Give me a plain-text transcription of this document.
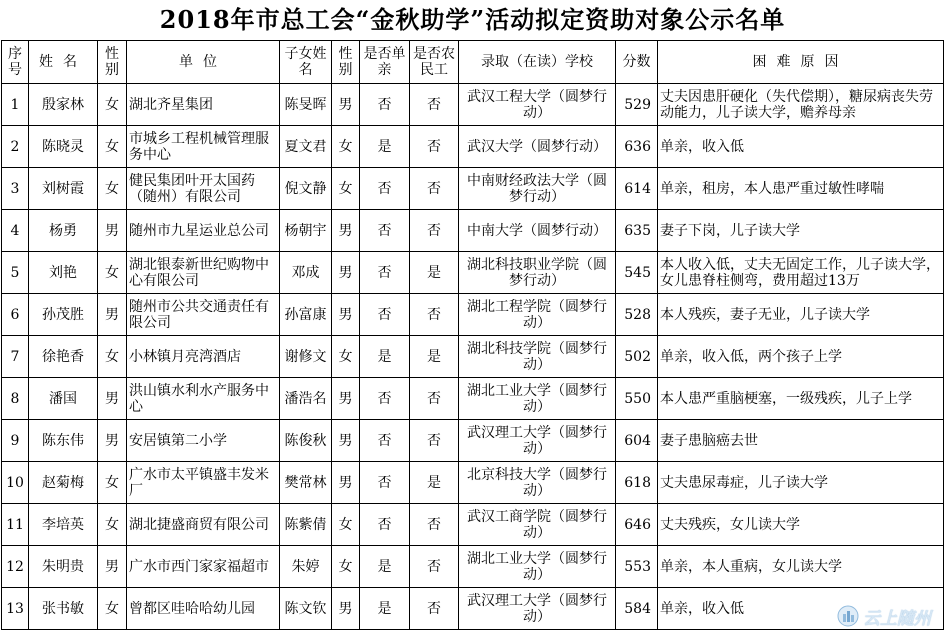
2018年市总工会“金秋助学”活动拟定资助对象公示名单
序号	姓名	性别	单位	子女姓名	性别	是否单亲	是否农民工	录取（在读）学校	分数	困难原因
1	殷家林	女	湖北齐星集团	陈旻晖	男	否	否	武汉工程大学（圆梦行动）	529	丈夫因患肝硬化（失代偿期），糖尿病丧失劳动能力，儿子读大学，赡养母亲
2	陈晓灵	女	市城乡工程机械管理服务中心	夏文君	女	是	否	武汉大学（圆梦行动）	636	单亲，收入低
3	刘树霞	女	健民集团叶开太国药（随州）有限公司	倪文静	女	否	否	中南财经政法大学（圆梦行动）	614	单亲，租房，本人患严重过敏性哮喘
4	杨勇	男	随州市九星运业总公司	杨朝宇	男	否	否	中南大学（圆梦行动）	635	妻子下岗，儿子读大学
5	刘艳	女	湖北银泰新世纪购物中心有限公司	邓成	男	否	是	湖北科技职业学院（圆梦行动）	545	本人收入低，丈夫无固定工作，儿子读大学，女儿患脊柱侧弯，费用超过13万
6	孙茂胜	男	随州市公共交通责任有限公司	孙富康	男	否	否	湖北工程学院（圆梦行动）	528	本人残疾，妻子无业，儿子读大学
7	徐艳香	女	小林镇月亮湾酒店	谢修文	女	是	是	湖北科技学院（圆梦行动）	502	单亲，收入低，两个孩子上学
8	潘国	男	洪山镇水利水产服务中心	潘浩名	男	否	否	湖北工业大学（圆梦行动）	550	本人患严重脑梗塞，一级残疾，儿子上学
9	陈东伟	男	安居镇第二小学	陈俊秋	男	否	否	武汉理工大学（圆梦行动）	604	妻子患脑癌去世
10	赵菊梅	女	广水市太平镇盛丰发米厂	樊常林	男	否	是	北京科技大学（圆梦行动）	618	丈夫患尿毒症，儿子读大学
11	李培英	女	湖北捷盛商贸有限公司	陈紫倩	女	否	否	武汉工商学院（圆梦行动）	646	丈夫残疾，女儿读大学
12	朱明贵	男	广水市西门家家福超市	朱婷	女	是	否	湖北工业大学（圆梦行动）	553	单亲，本人重病，女儿读大学
13	张书敏	女	曾都区哇哈哈幼儿园	陈文钦	男	是	否	武汉理工大学（圆梦行动）	584	单亲，收入低	云上随州
